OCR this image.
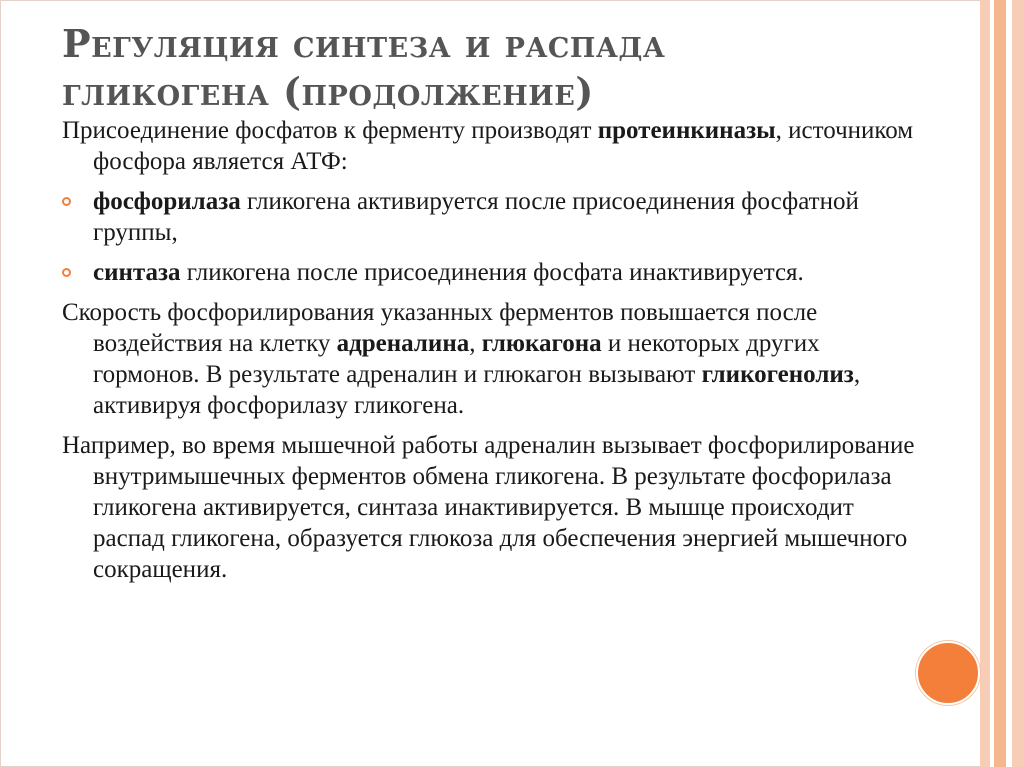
Регуляция синтеза и распада
гликогена (продолжение)

Присоединение фосфатов к ферменту производят протеинкиназы, источником фосфора является АТФ:

фосфорилаза гликогена активируется после присоединения фосфатной группы,
синтаза гликогена после присоединения фосфата инактивируется.

Скорость фосфорилирования указанных ферментов повышается после воздействия на клетку адреналина, глюкагона и некоторых других гормонов. В результате адреналин и глюкагон вызывают гликогенолиз, активируя фосфорилазу гликогена.

Например, во время мышечной работы адреналин вызывает фосфорилирование внутримышечных ферментов обмена гликогена. В результате фосфорилаза гликогена активируется, синтаза инактивируется. В мышце происходит распад гликогена, образуется глюкоза для обеспечения энергией мышечного сокращения.
